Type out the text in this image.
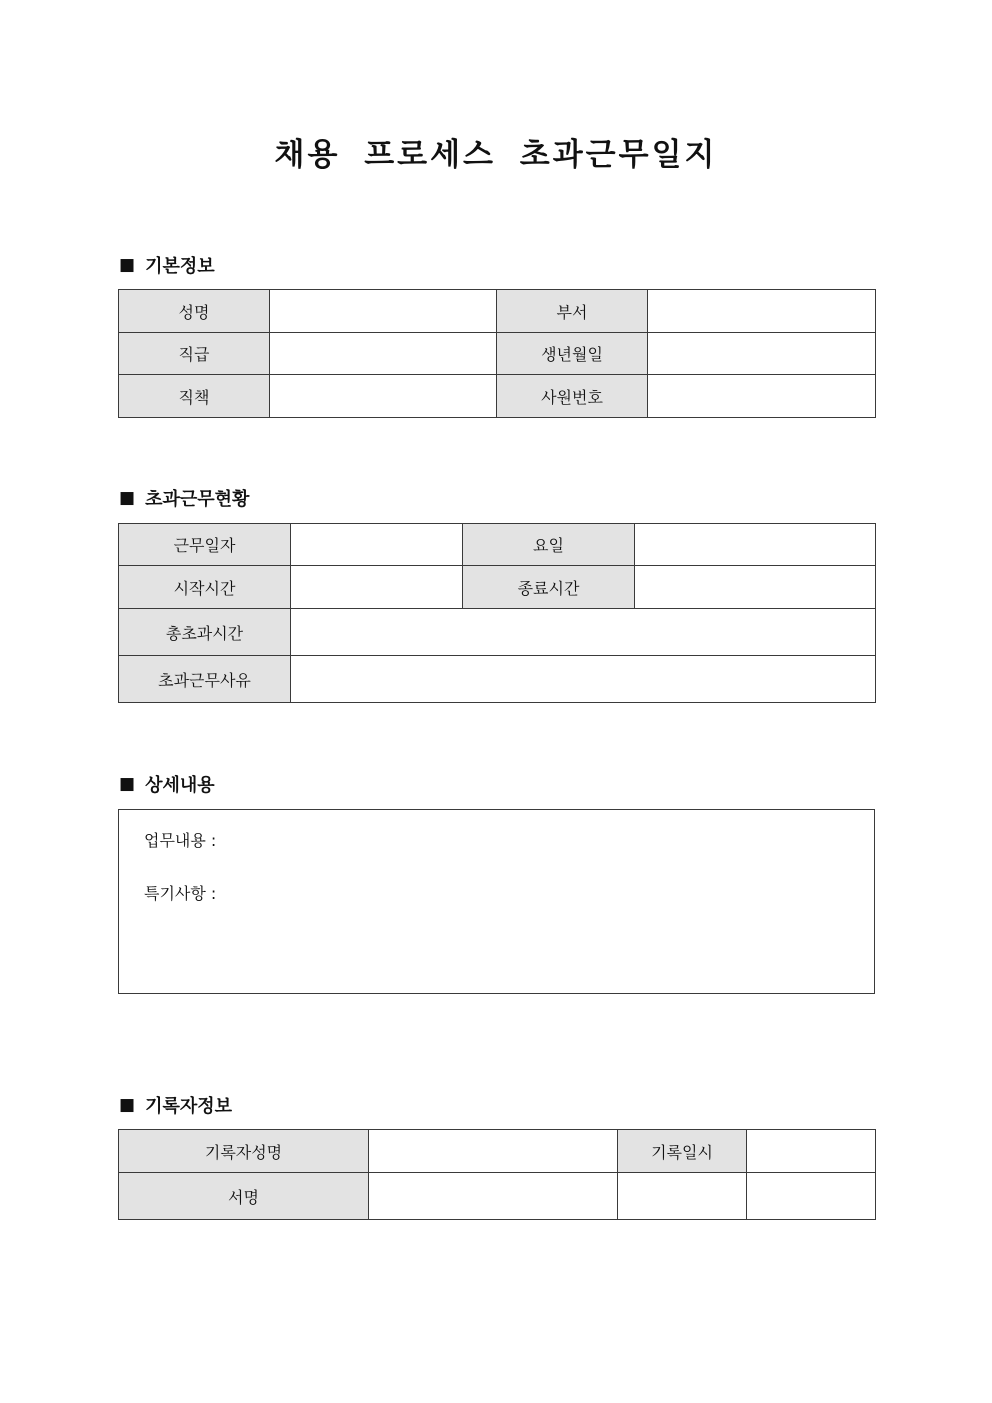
채용 프로세스 초과근무일지
■ 기본정보
성명		부서	
직급		생년월일	
직책		사원번호	
■ 초과근무현황
근무일자		요일	
시작시간		종료시간	
총초과시간			
초과근무사유			
■ 상세내용
업무내용 :
특기사항 :
■ 기록자정보
기록자성명		기록일시	
서명			
